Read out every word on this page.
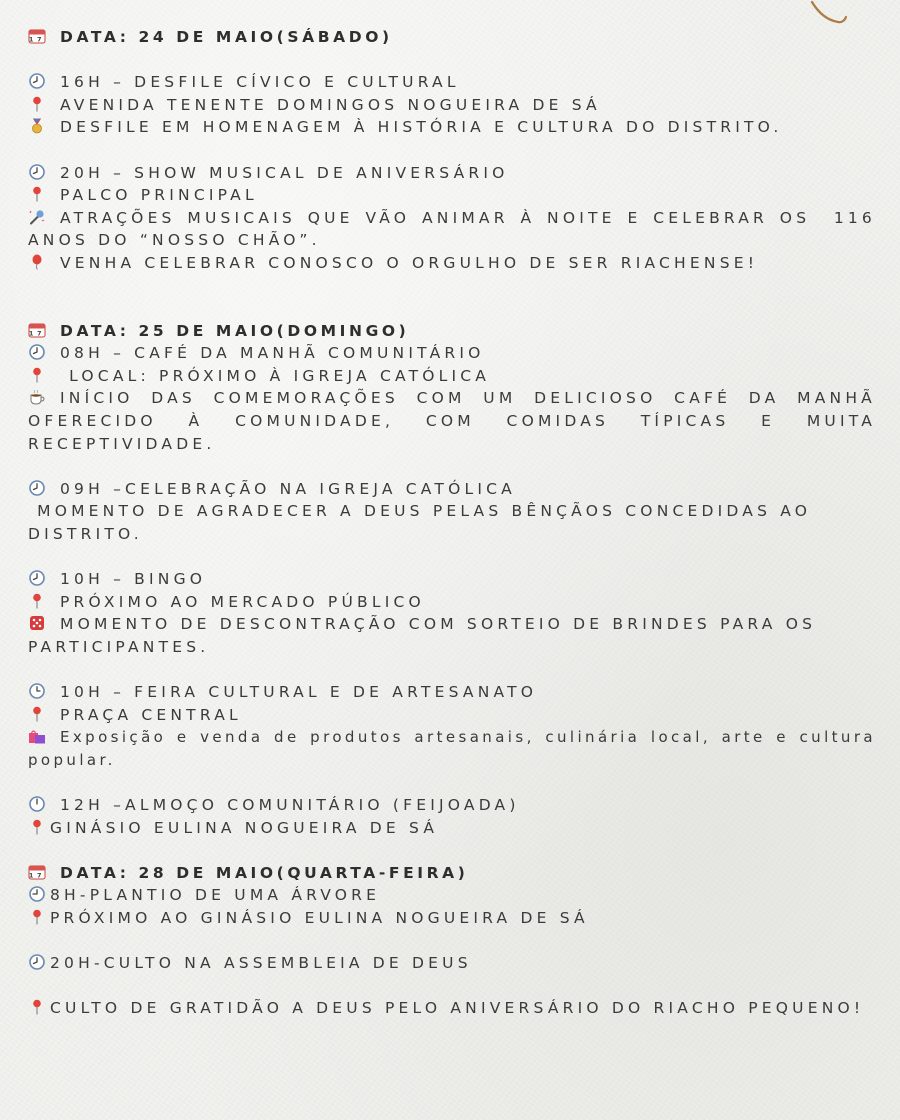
17 DATA: 24 DE MAIO(SÁBADO)

16H – DESFILE CÍVICO E CULTURAL

AVENIDA TENENTE DOMINGOS NOGUEIRA DE SÁ

DESFILE EM HOMENAGEM À HISTÓRIA E CULTURA DO DISTRITO.

20H – SHOW MUSICAL DE ANIVERSÁRIO

PALCO PRINCIPAL

ATRAÇÕES MUSICAIS QUE VÃO ANIMAR À NOITE E CELEBRAR OS  116 ANOS DO “NOSSO CHÃO”.

VENHA CELEBRAR CONOSCO O ORGULHO DE SER RIACHENSE!

17 DATA: 25 DE MAIO(DOMINGO)

08H – CAFÉ DA MANHÃ COMUNITÁRIO

LOCAL: PRÓXIMO À IGREJA CATÓLICA

INÍCIO DAS COMEMORAÇÕES COM UM DELICIOSO CAFÉ DA MANHÃ OFERECIDO À COMUNIDADE, COM COMIDAS TÍPICAS E MUITA RECEPTIVIDADE.

09H –CELEBRAÇÃO NA IGREJA CATÓLICA

MOMENTO DE AGRADECER A DEUS PELAS BÊNÇÃOS CONCEDIDAS AO DISTRITO.

10H – BINGO

PRÓXIMO AO MERCADO PÚBLICO

MOMENTO DE DESCONTRAÇÃO COM SORTEIO DE BRINDES PARA OS PARTICIPANTES.

10H – FEIRA CULTURAL E DE ARTESANATO

PRAÇA CENTRAL

Exposição e venda de produtos artesanais, culinária local, arte e cultura popular.

12H –ALMOÇO COMUNITÁRIO (FEIJOADA)

GINÁSIO EULINA NOGUEIRA DE SÁ

17 DATA: 28 DE MAIO(QUARTA-FEIRA)

8H-PLANTIO DE UMA ÁRVORE

PRÓXIMO AO GINÁSIO EULINA NOGUEIRA DE SÁ

20H-CULTO NA ASSEMBLEIA DE DEUS

CULTO DE GRATIDÃO A DEUS PELO ANIVERSÁRIO DO RIACHO PEQUENO!
